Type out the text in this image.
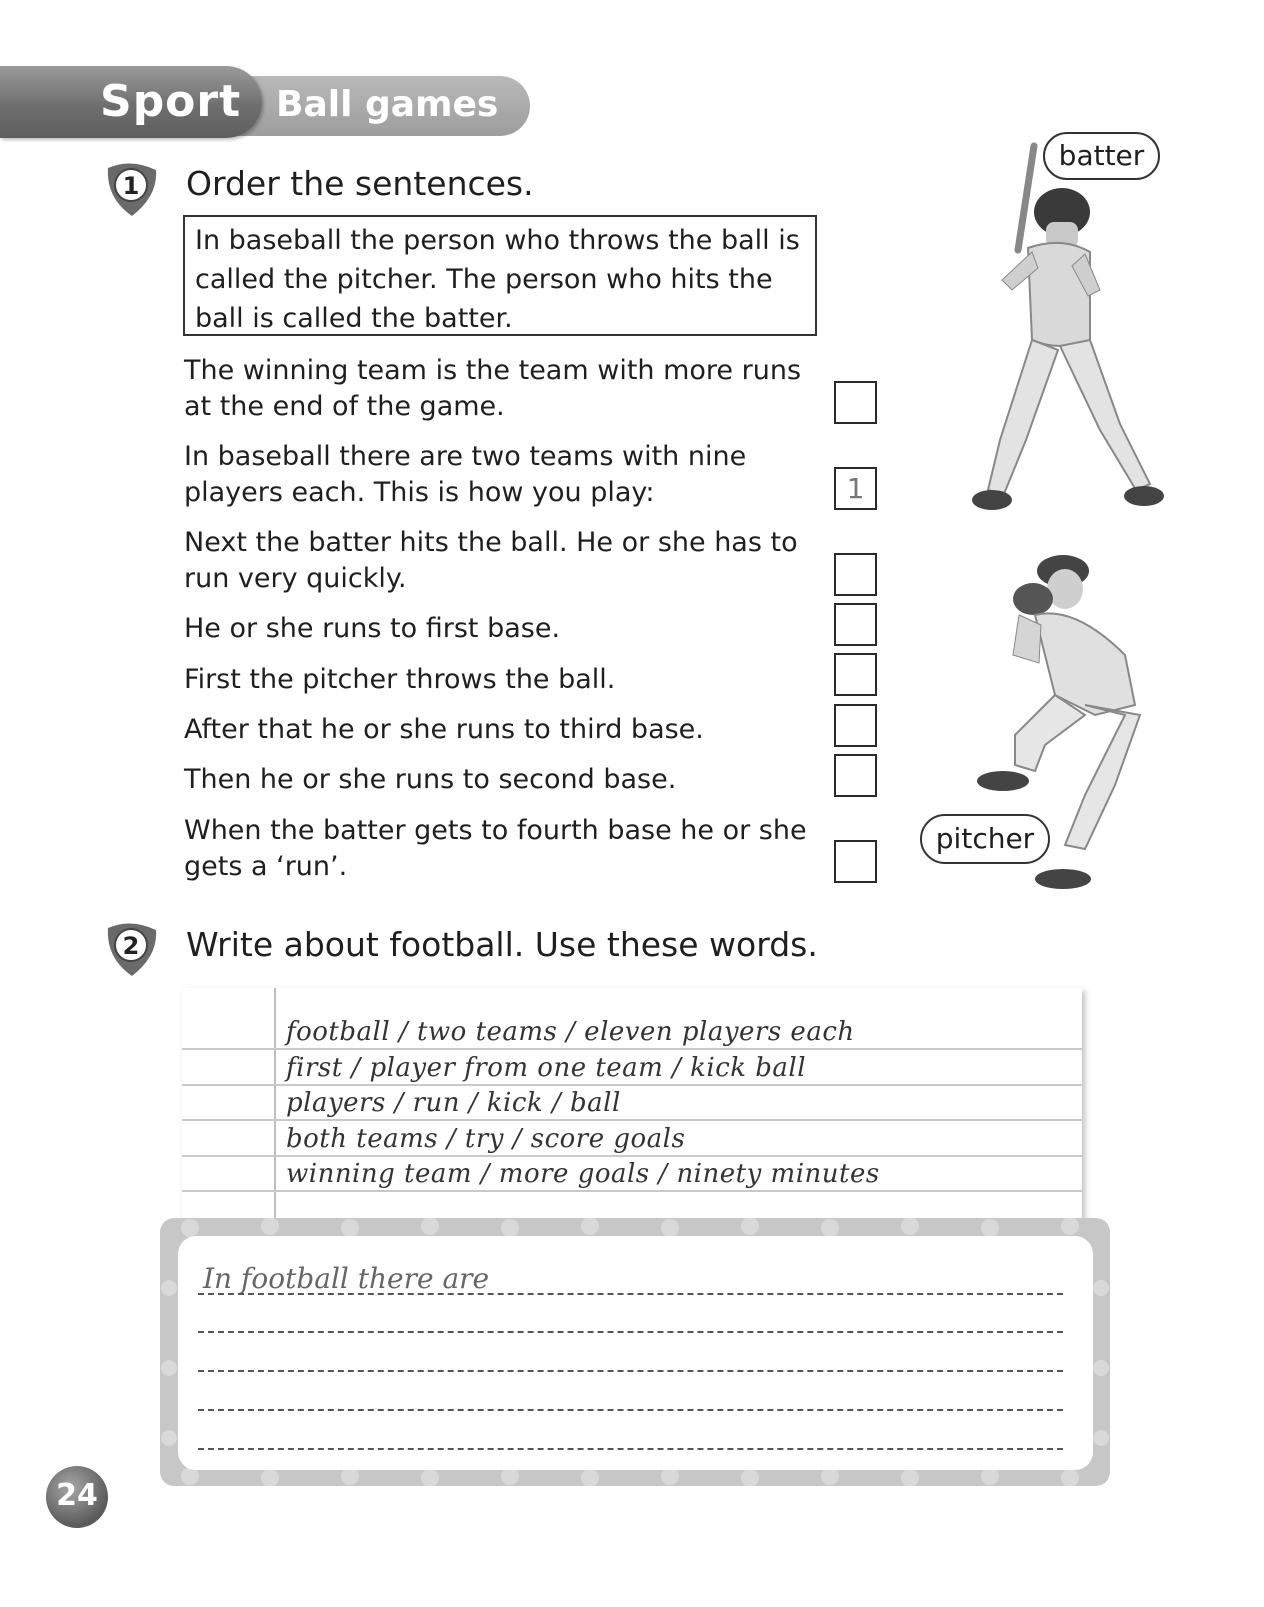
Sport Ball games
1	Order the sentences.
In baseball the person who throws the ball is called the pitcher. The person who hits the ball is called the batter.
The winning team is the team with more runs at the end of the game.
In baseball there are two teams with nine players each. This is how you play:	1
Next the batter hits the ball. He or she has to run very quickly.
He or she runs to first base.
First the pitcher throws the ball.
After that he or she runs to third base.
Then he or she runs to second base.
When the batter gets to fourth base he or she gets a ‘run’.
batter
pitcher
2	Write about football. Use these words.
football / two teams / eleven players each
first / player from one team / kick ball
players / run / kick / ball
both teams / try / score goals
winning team / more goals / ninety minutes
In football there are
24
